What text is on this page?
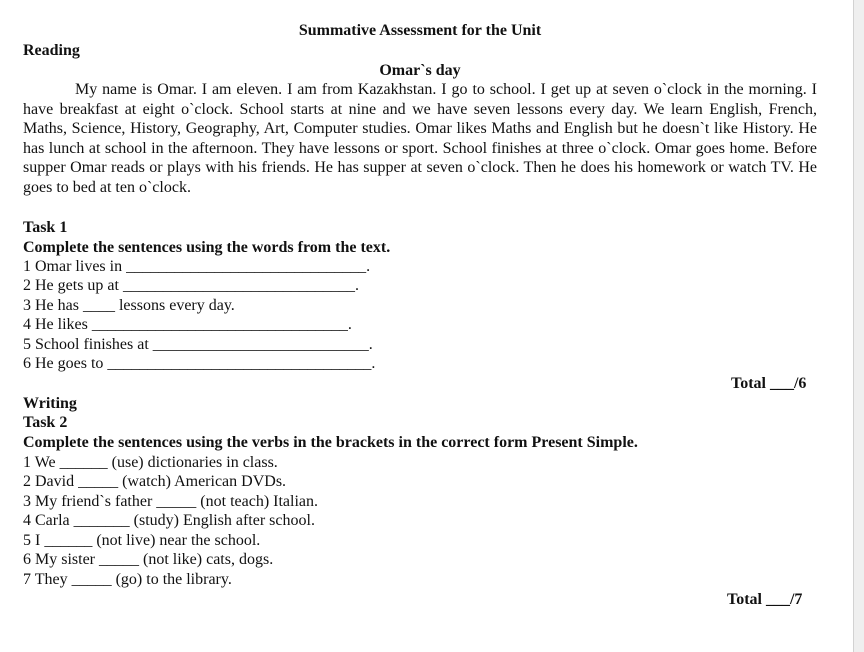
Summative Assessment for the Unit
Reading
Omar`s day
My name is Omar. I am eleven. I am from Kazakhstan. I go to school. I get up at seven o`clock in the morning. I have breakfast at eight o`clock. School starts at nine and we have seven lessons every day. We learn English, French, Maths, Science, History, Geography, Art, Computer studies. Omar likes Maths and English but he doesn`t like History. He has lunch at school in the afternoon. They have lessons or sport. School finishes at three o`clock. Omar goes home. Before supper Omar reads or plays with his friends. He has supper at seven o`clock. Then he does his homework or watch TV. He goes to bed at ten o`clock.
Task 1
Complete the sentences using the words from the text.
1 Omar lives in ______________________________.
2 He gets up at _____________________________.
3 He has ____ lessons every day.
4 He likes ________________________________.
5 School finishes at ___________________________.
6 He goes to _________________________________.
Total ___/6
Writing
Task 2
Complete the sentences using the verbs in the brackets in the correct form Present Simple.
1 We ______ (use) dictionaries in class.
2 David _____ (watch) American DVDs.
3 My friend`s father _____ (not teach) Italian.
4 Carla _______ (study) English after school.
5 I ______ (not live) near the school.
6 My sister _____ (not like) cats, dogs.
7 They _____ (go) to the library.
Total ___/7
